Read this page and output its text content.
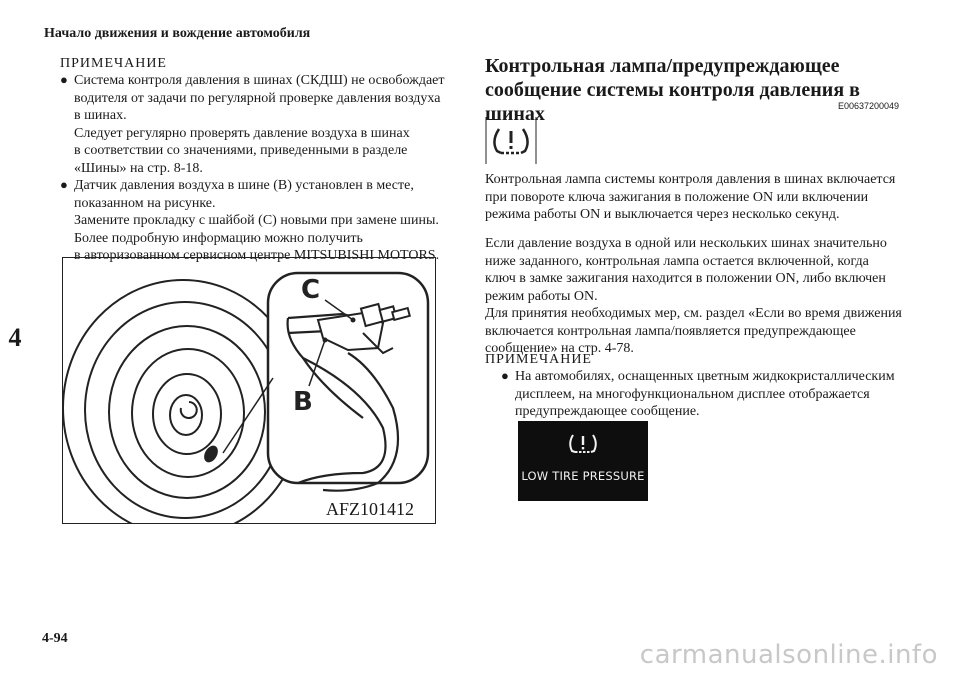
Начало движения и вождение автомобиля
4
4-94
carmanualsonline.info
ПРИМЕЧАНИЕ
● Система контроля давления в шинах (СКДШ) не освобождает
водителя от задачи по регулярной проверке давления воздуха
в шинах.
Следует регулярно проверять давление воздуха в шинах
в соответствии со значениями, приведенными в разделе
«Шины» на стр. 8-18.
● Датчик давления воздуха в шине (B) установлен в месте,
показанном на рисунке.
Замените прокладку с шайбой (C) новыми при замене шины.
Более подробную информацию можно получить
в авторизованном сервисном центре MITSUBISHI MOTORS.
C
B
AFZ101412
Контрольная лампа/предупреждающее
сообщение системы контроля давления в шинах	E00637200049
Контрольная лампа системы контроля давления в шинах включается
при повороте ключа зажигания в положение ON или включении
режима работы ON и выключается через несколько секунд.
Если давление воздуха в одной или нескольких шинах значительно
ниже заданного, контрольная лампа остается включенной, когда
ключ в замке зажигания находится в положении ON, либо включен
режим работы ON.
Для принятия необходимых мер, см. раздел «Если во время движения
включается контрольная лампа/появляется предупреждающее
сообщение» на стр. 4-78.
ПРИМЕЧАНИЕ
● На автомобилях, оснащенных цветным жидкокристаллическим
дисплеем, на многофункциональном дисплее отображается
предупреждающее сообщение.
LOW TIRE PRESSURE
